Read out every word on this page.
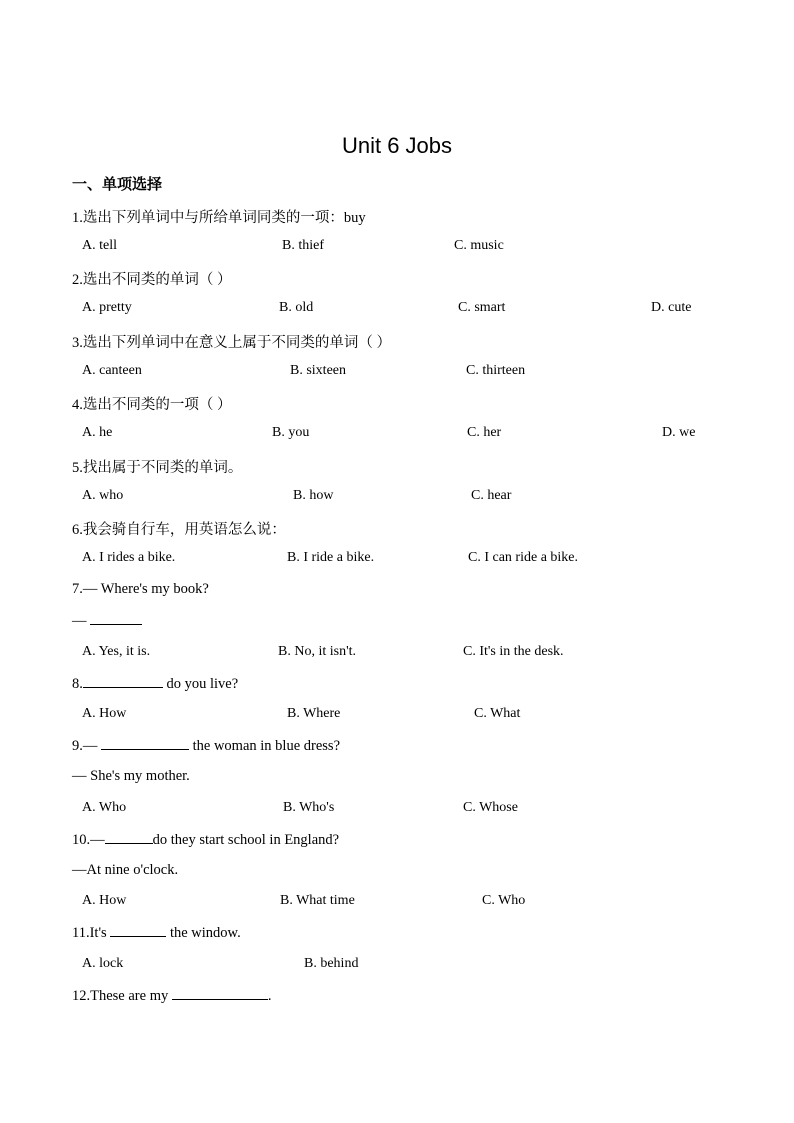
Unit 6 Jobs
一、单项选择
1.选出下列单词中与所给单词同类的一项：buy
A. tell	B. thief	C. music
2.选出不同类的单词（ ）
A. pretty	B. old	C. smart	D. cute
3.选出下列单词中在意义上属于不同类的单词（ ）
A. canteen	B. sixteen	C. thirteen
4.选出不同类的一项（ ）
A. he	B. you	C. her	D. we
5.找出属于不同类的单词。
A. who	B. how	C. hear
6.我会骑自行车，用英语怎么说：
A. I rides a bike.	B. I ride a bike.	C. I can ride a bike.
7.— Where's my book?
—
A. Yes, it is.	B. No, it isn't.	C. It's in the desk.
8.	do you live?
A. How	B. Where	C. What
9.—	the woman in blue dress?
— She's my mother.
A. Who	B. Who's	C. Whose
10.—	do they start school in England?
—At nine o'clock.
A. How	B. What time	C. Who
11.It's	the window.
A. lock	B. behind
12.These are my	.
